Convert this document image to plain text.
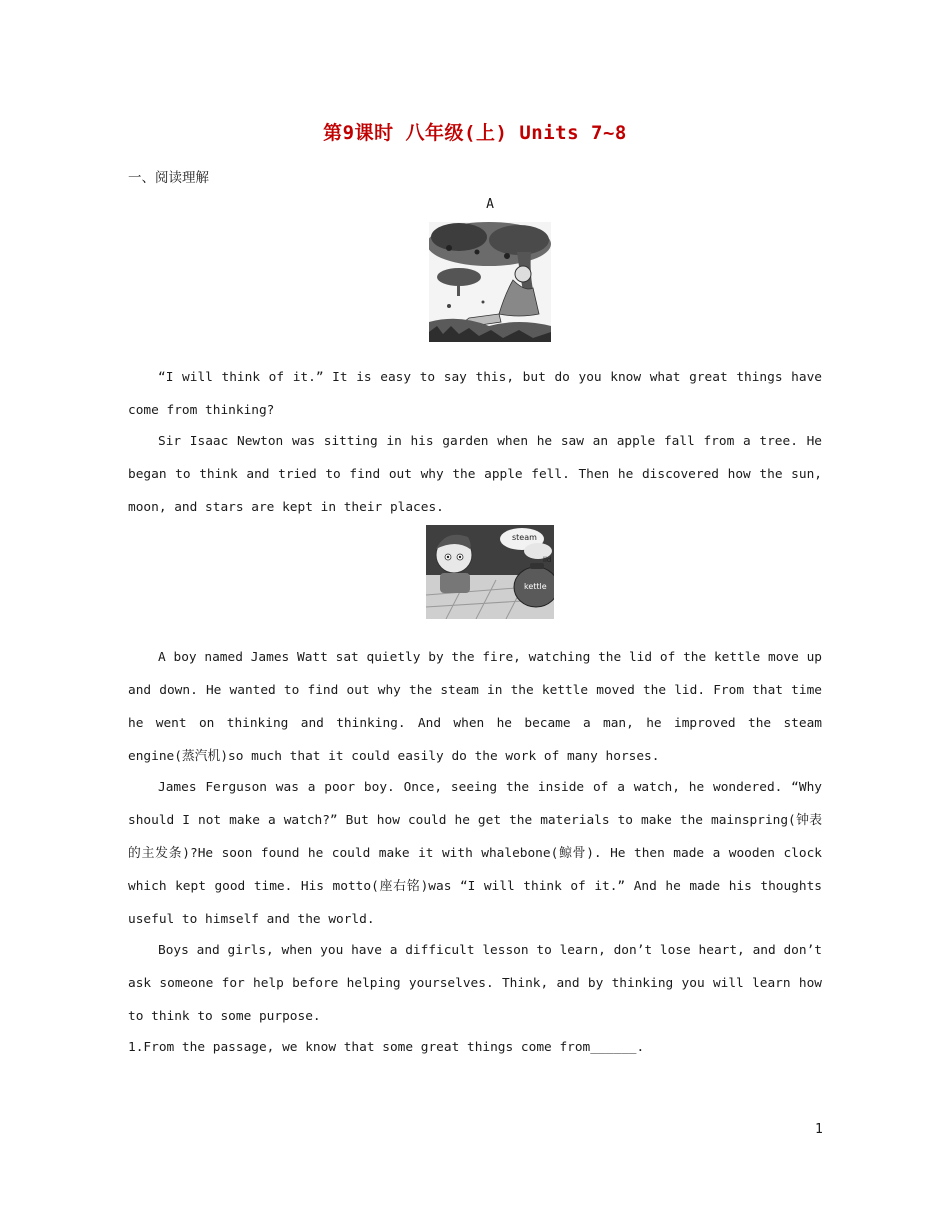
第9课时 八年级(上) Units 7~8
一、阅读理解
A
“I will think of it.” It is easy to say this, but do you know what great things have come from thinking?
Sir Isaac Newton was sitting in his garden when he saw an apple fall from a tree. He began to think and tried to find out why the apple fell. Then he discovered how the sun, moon, and stars are kept in their places.
steam
lid
kettle
A boy named James Watt sat quietly by the fire, watching the lid of the kettle move up and down. He wanted to find out why the steam in the kettle moved the lid. From that time he went on thinking and thinking. And when he became a man, he improved the steam engine(蒸汽机)so much that it could easily do the work of many horses.
James Ferguson was a poor boy. Once, seeing the inside of a watch, he wondered. “Why should I not make a watch?” But how could he get the materials to make the mainspring(钟表的主发条)?He soon found he could make it with whalebone(鲸骨). He then made a wooden clock which kept good time. His motto(座右铭)was “I will think of it.” And he made his thoughts useful to himself and the world.
Boys and girls, when you have a difficult lesson to learn, don’t lose heart, and don’t ask someone for help before helping yourselves. Think, and by thinking you will learn how to think to some purpose.
1.From the passage, we know that some great things come from______.
1
